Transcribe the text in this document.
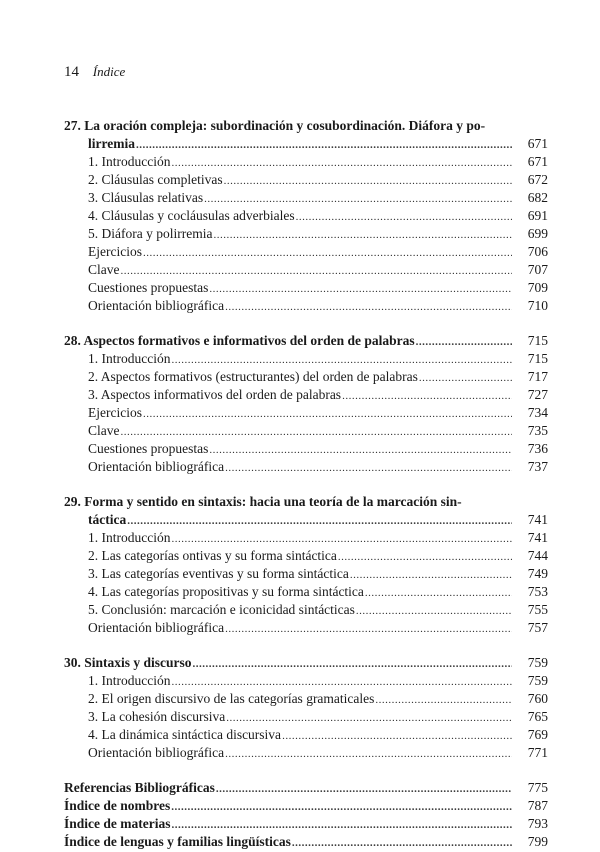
14 Índice
27. La oración compleja: subordinación y cosubordinación. Diáfora y po-
lirremia .....	671
1. Introducción .....	671
2. Cláusulas completivas .....	672
3. Cláusulas relativas .....	682
4. Cláusulas y cocláusulas adverbiales .....	691
5. Diáfora y polirremia .....	699
Ejercicios .....	706
Clave .....	707
Cuestiones propuestas .....	709
Orientación bibliográfica .....	710
28. Aspectos formativos e informativos del orden de palabras .....	715
1. Introducción .....	715
2. Aspectos formativos (estructurantes) del orden de palabras .....	717
3. Aspectos informativos del orden de palabras .....	727
Ejercicios .....	734
Clave .....	735
Cuestiones propuestas .....	736
Orientación bibliográfica .....	737
29. Forma y sentido en sintaxis: hacia una teoría de la marcación sin-
táctica .....	741
1. Introducción .....	741
2. Las categorías ontivas y su forma sintáctica .....	744
3. Las categorías eventivas y su forma sintáctica .....	749
4. Las categorías propositivas y su forma sintáctica .....	753
5. Conclusión: marcación e iconicidad sintácticas .....	755
Orientación bibliográfica .....	757
30. Sintaxis y discurso .....	759
1. Introducción .....	759
2. El origen discursivo de las categorías gramaticales .....	760
3. La cohesión discursiva .....	765
4. La dinámica sintáctica discursiva .....	769
Orientación bibliográfica .....	771
Referencias Bibliográficas .....	775
Índice de nombres .....	787
Índice de materias .....	793
Índice de lenguas y familias lingüísticas .....	799
